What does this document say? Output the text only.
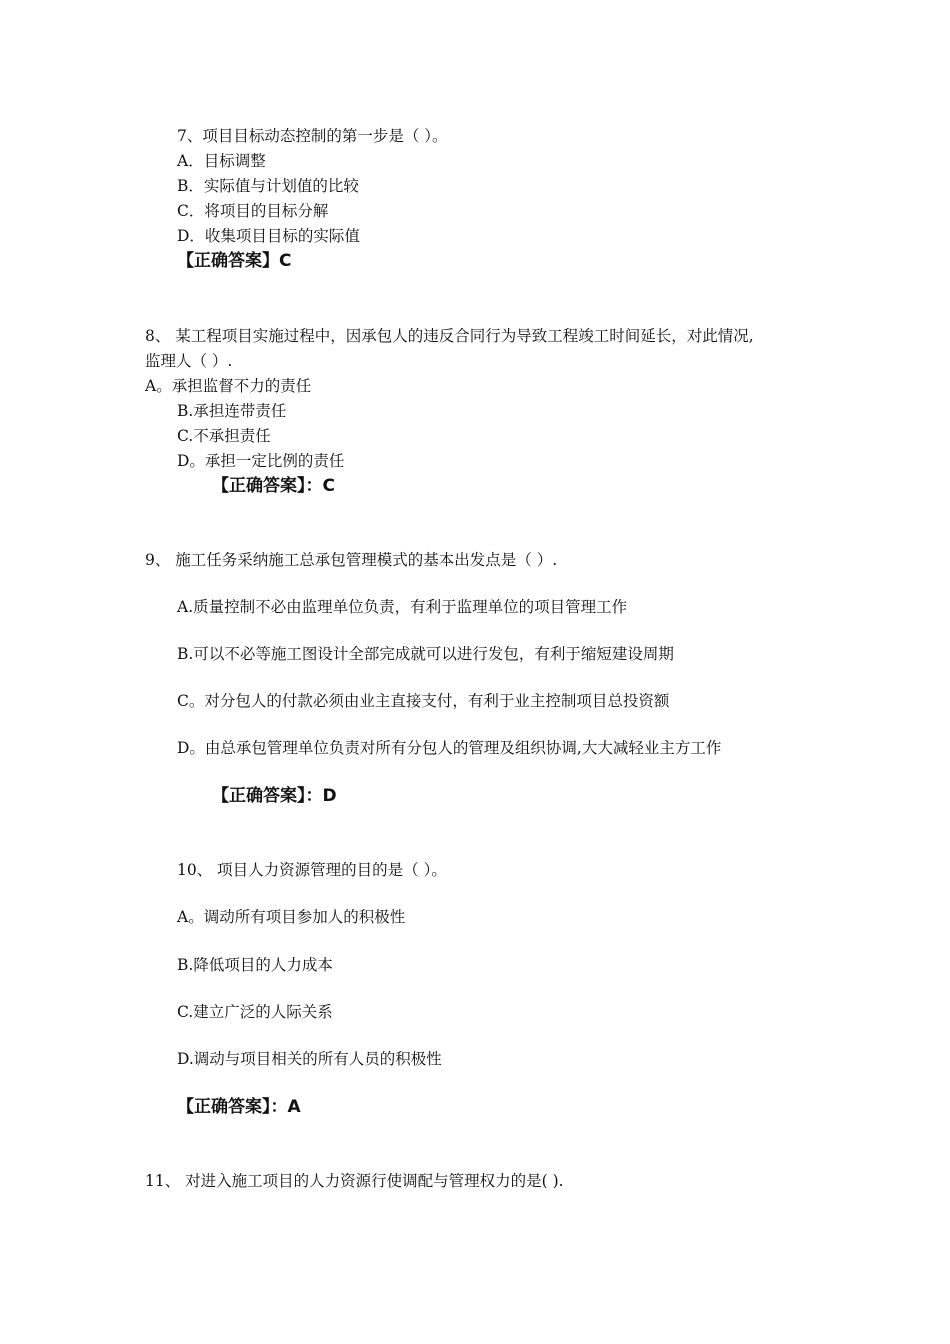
7、项目目标动态控制的第一步是（ ）。
A．目标调整
B．实际值与计划值的比较
C．将项目的目标分解
D．收集项目目标的实际值
【正确答案】C
8、 某工程项目实施过程中，因承包人的违反合同行为导致工程竣工时间延长，对此情况,
监理人（ ）.
A。承担监督不力的责任
B.承担连带责任
C.不承担责任
D。承担一定比例的责任
【正确答案】：C
9、 施工任务采纳施工总承包管理模式的基本出发点是（ ）.
A.质量控制不必由监理单位负责，有利于监理单位的项目管理工作
B.可以不必等施工图设计全部完成就可以进行发包，有利于缩短建设周期
C。对分包人的付款必须由业主直接支付，有利于业主控制项目总投资额
D。由总承包管理单位负责对所有分包人的管理及组织协调,大大减轻业主方工作
【正确答案】：D
10、 项目人力资源管理的目的是（ ）。
A。调动所有项目参加人的积极性
B.降低项目的人力成本
C.建立广泛的人际关系
D.调动与项目相关的所有人员的积极性
【正确答案】：A
11、 对进入施工项目的人力资源行使调配与管理权力的是( ).
